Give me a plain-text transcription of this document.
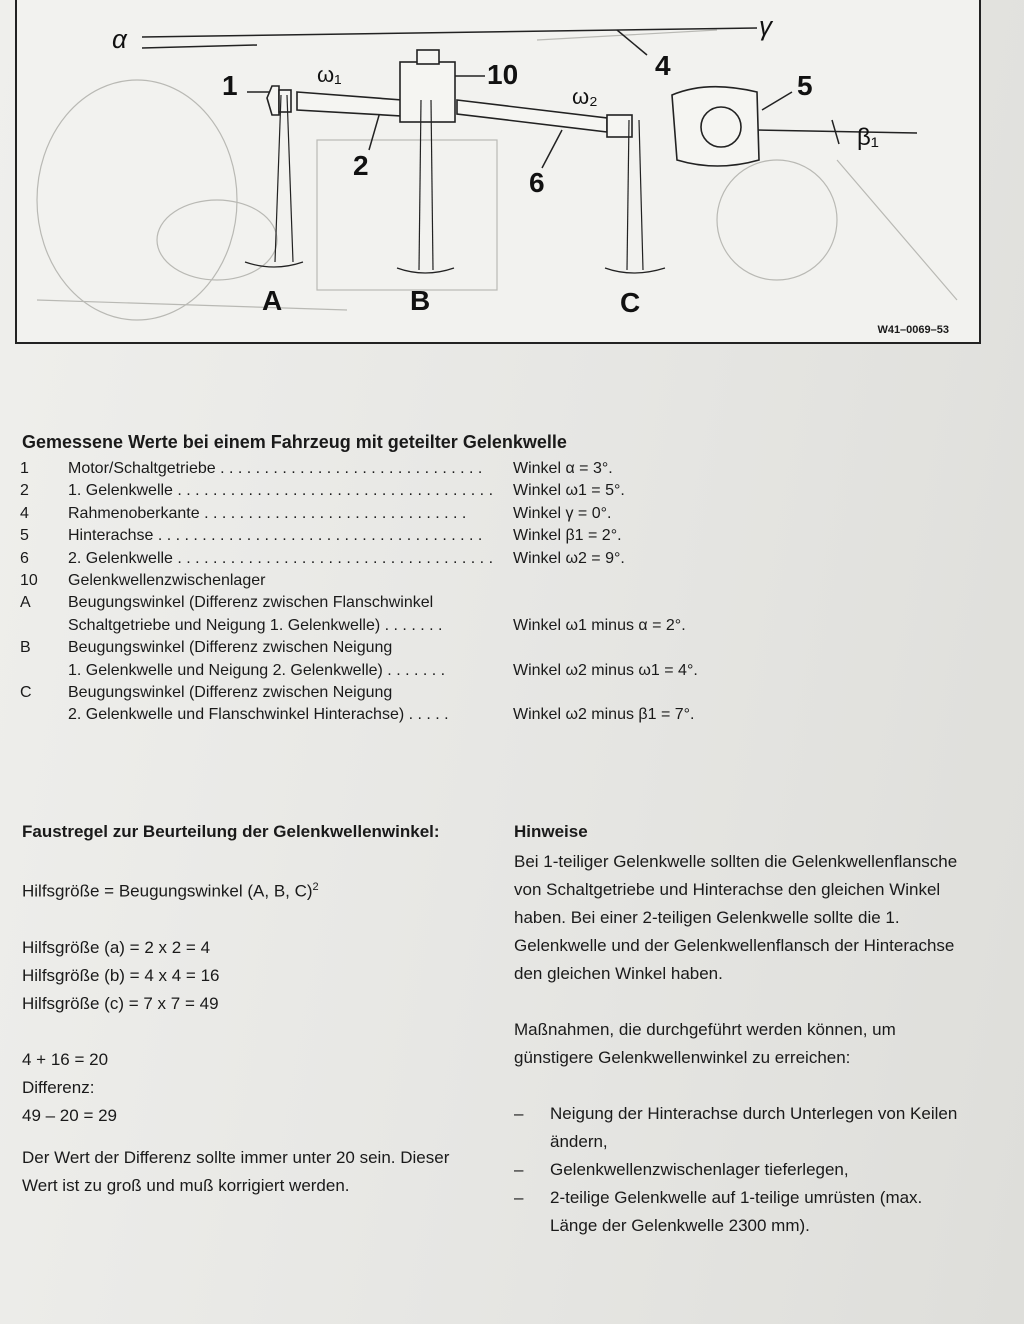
α	γ
ω₁
ω₂
β₁
1
2
4
5
6
10
A	B	C
W41–0069–53
Gemessene Werte bei einem Fahrzeug mit geteilter Gelenkwelle
1	Motor/Schaltgetriebe . . . . . . . . . . . . . . . . . . . . . . . . . . . . . .	Winkel α = 3°.
2	1. Gelenkwelle . . . . . . . . . . . . . . . . . . . . . . . . . . . . . . . . . . . .	Winkel ω1 = 5°.
4	Rahmenoberkante . . . . . . . . . . . . . . . . . . . . . . . . . . . . . .	Winkel γ = 0°.
5	Hinterachse . . . . . . . . . . . . . . . . . . . . . . . . . . . . . . . . . . . . .	Winkel β1 = 2°.
6	2. Gelenkwelle . . . . . . . . . . . . . . . . . . . . . . . . . . . . . . . . . . . .	Winkel ω2 = 9°.
10	Gelenkwellenzwischenlager
A	Beugungswinkel (Differenz zwischen Flanschwinkel
Schaltgetriebe und Neigung 1. Gelenkwelle) . . . . . . .	Winkel ω1 minus α = 2°.
B	Beugungswinkel (Differenz zwischen Neigung
1. Gelenkwelle und Neigung 2. Gelenkwelle) . . . . . . .	Winkel ω2 minus ω1 = 4°.
C	Beugungswinkel (Differenz zwischen Neigung
2. Gelenkwelle und Flanschwinkel Hinterachse) . . . . .	Winkel ω2 minus β1 = 7°.
Faustregel zur Beurteilung der Gelenkwellenwinkel:
Hilfsgröße = Beugungswinkel (A, B, C)$^2$
Hilfsgröße (a) = 2 x 2 = 4
Hilfsgröße (b) = 4 x 4 = 16
Hilfsgröße (c) = 7 x 7 = 49
4 + 16 = 20
Differenz:
49 – 20 = 29
Der Wert der Differenz sollte immer unter 20 sein. Dieser Wert ist zu groß und muß korrigiert werden.
Hinweise

Bei 1-teiliger Gelenkwelle sollten die Gelenkwellenflansche von Schaltgetriebe und Hinterachse den gleichen Winkel haben. Bei einer 2-teiligen Gelenkwelle sollte die 1. Gelenkwelle und der Gelenkwellenflansch der Hinterachse den gleichen Winkel haben.

Maßnahmen, die durchgeführt werden können, um günstigere Gelenkwellenwinkel zu erreichen:

–	Neigung der Hinterachse durch Unterlegen von Keilen ändern,
–	Gelenkwellenzwischenlager tieferlegen,
–	2-teilige Gelenkwelle auf 1-teilige umrüsten (max. Länge der Gelenkwelle 2300 mm).
